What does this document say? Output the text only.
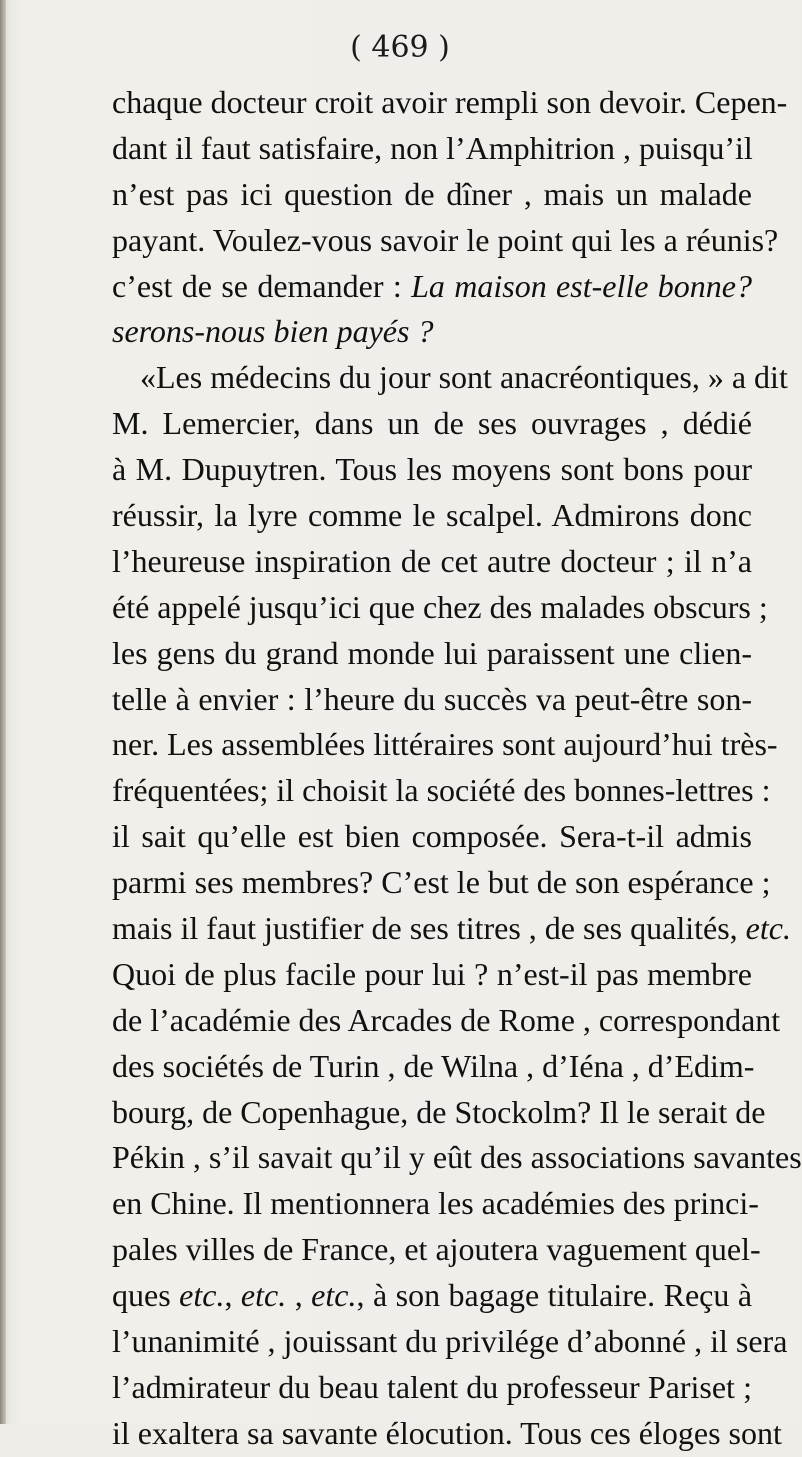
( 469 )
chaque docteur croit avoir rempli son devoir. Cepen-
dant il faut satisfaire, non l’Amphitrion , puisqu’il
n’est pas ici question de dîner , mais un malade
payant. Voulez-vous savoir le point qui les a réunis?
c’est de se demander : La maison est-elle bonne?
serons-nous bien payés ?
«Les médecins du jour sont anacréontiques, » a dit
M. Lemercier, dans un de ses ouvrages , dédié
à M. Dupuytren. Tous les moyens sont bons pour
réussir, la lyre comme le scalpel. Admirons donc
l’heureuse inspiration de cet autre docteur ; il n’a
été appelé jusqu’ici que chez des malades obscurs ;
les gens du grand monde lui paraissent une clien-
telle à envier : l’heure du succès va peut-être son-
ner. Les assemblées littéraires sont aujourd’hui très-
fréquentées; il choisit la société des bonnes-lettres :
il sait qu’elle est bien composée. Sera-t-il admis
parmi ses membres? C’est le but de son espérance ;
mais il faut justifier de ses titres , de ses qualités, etc.
Quoi de plus facile pour lui ? n’est-il pas membre
de l’académie des Arcades de Rome , correspondant
des sociétés de Turin , de Wilna , d’Iéna , d’Edim-
bourg, de Copenhague, de Stockolm? Il le serait de
Pékin , s’il savait qu’il y eût des associations savantes
en Chine. Il mentionnera les académies des princi-
pales villes de France, et ajoutera vaguement quel-
ques etc., etc. , etc., à son bagage titulaire. Reçu à
l’unanimité , jouissant du privilége d’abonné , il sera
l’admirateur du beau talent du professeur Pariset ;
il exaltera sa savante élocution. Tous ces éloges sont
